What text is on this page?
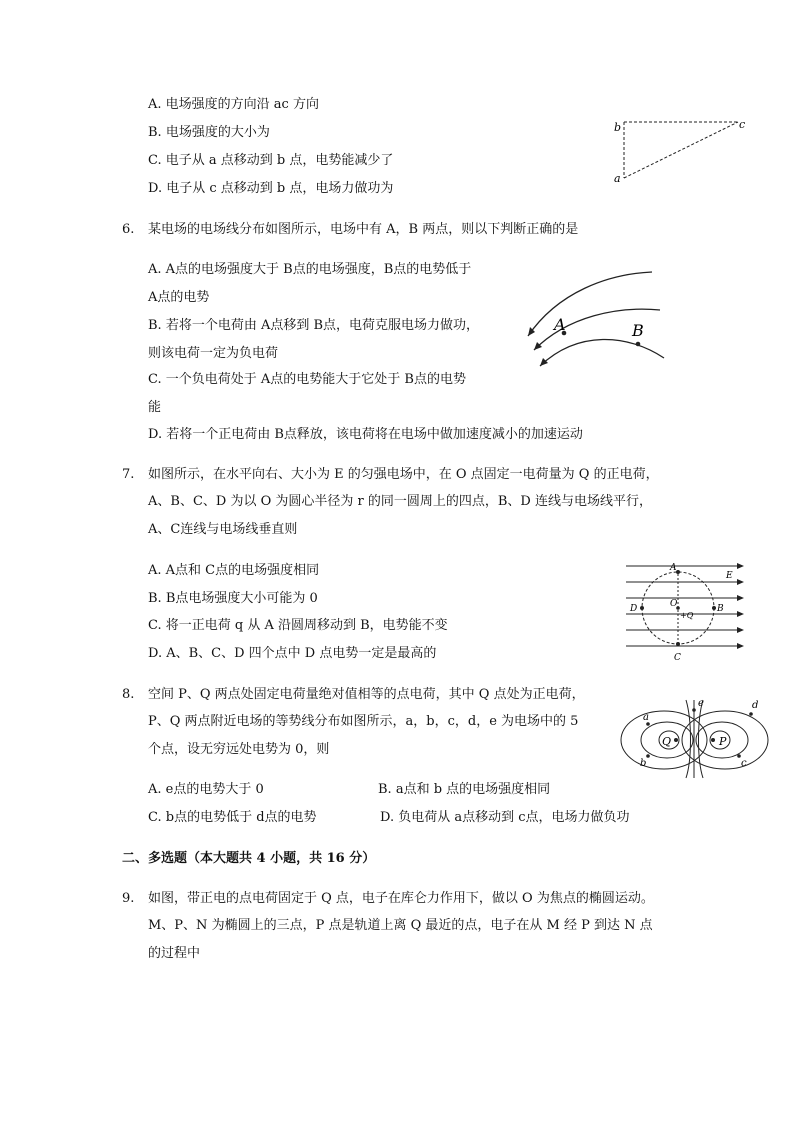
A. 电场强度的方向沿 ac 方向
B. 电场强度的大小为
C. 电子从 a 点移动到 b 点，电势能减少了
D. 电子从 c 点移动到 b 点，电场力做功为
b	c
a
6. 某电场的电场线分布如图所示，电场中有 A，B 两点，则以下判断正确的是
A. A点的电场强度大于 B点的电场强度，B点的电势低于
A点的电势
B. 若将一个电荷由 A点移到 B点，电荷克服电场力做功，
则该电荷一定为负电荷
C. 一个负电荷处于 A点的电势能大于它处于 B点的电势
能
D. 若将一个正电荷由 B点释放，该电荷将在电场中做加速度减小的加速运动
A	B
7. 如图所示，在水平向右、大小为 E 的匀强电场中，在 O 点固定一电荷量为 Q 的正电荷，
A、B、C、D 为以 O 为圆心半径为 r 的同一圆周上的四点，B、D 连线与电场线平行，
A、C连线与电场线垂直则
A. A点和 C点的电场强度相同
B. B点电场强度大小可能为 0
C. 将一正电荷 q 从 A 沿圆周移动到 B，电势能不变
D. A、B、C、D 四个点中 D 点电势一定是最高的
A
C
D	B
O
+Q
E
8. 空间 P、Q 两点处固定电荷量绝对值相等的点电荷，其中 Q 点处为正电荷，
P、Q 两点附近电场的等势线分布如图所示，a，b，c，d，e 为电场中的 5
个点，设无穷远处电势为 0，则
A. e点的电势大于 0	B. a点和 b 点的电场强度相同
C. b点的电势低于 d点的电势	D. 负电荷从 a点移动到 c点，电场力做负功
Q	P
a
b	c
d
e
二、多选题（本大题共 4 小题，共 16 分）
9. 如图，带正电的点电荷固定于 Q 点，电子在库仑力作用下，做以 O 为焦点的椭圆运动。
M、P、N 为椭圆上的三点，P 点是轨道上离 Q 最近的点，电子在从 M 经 P 到达 N 点
的过程中
